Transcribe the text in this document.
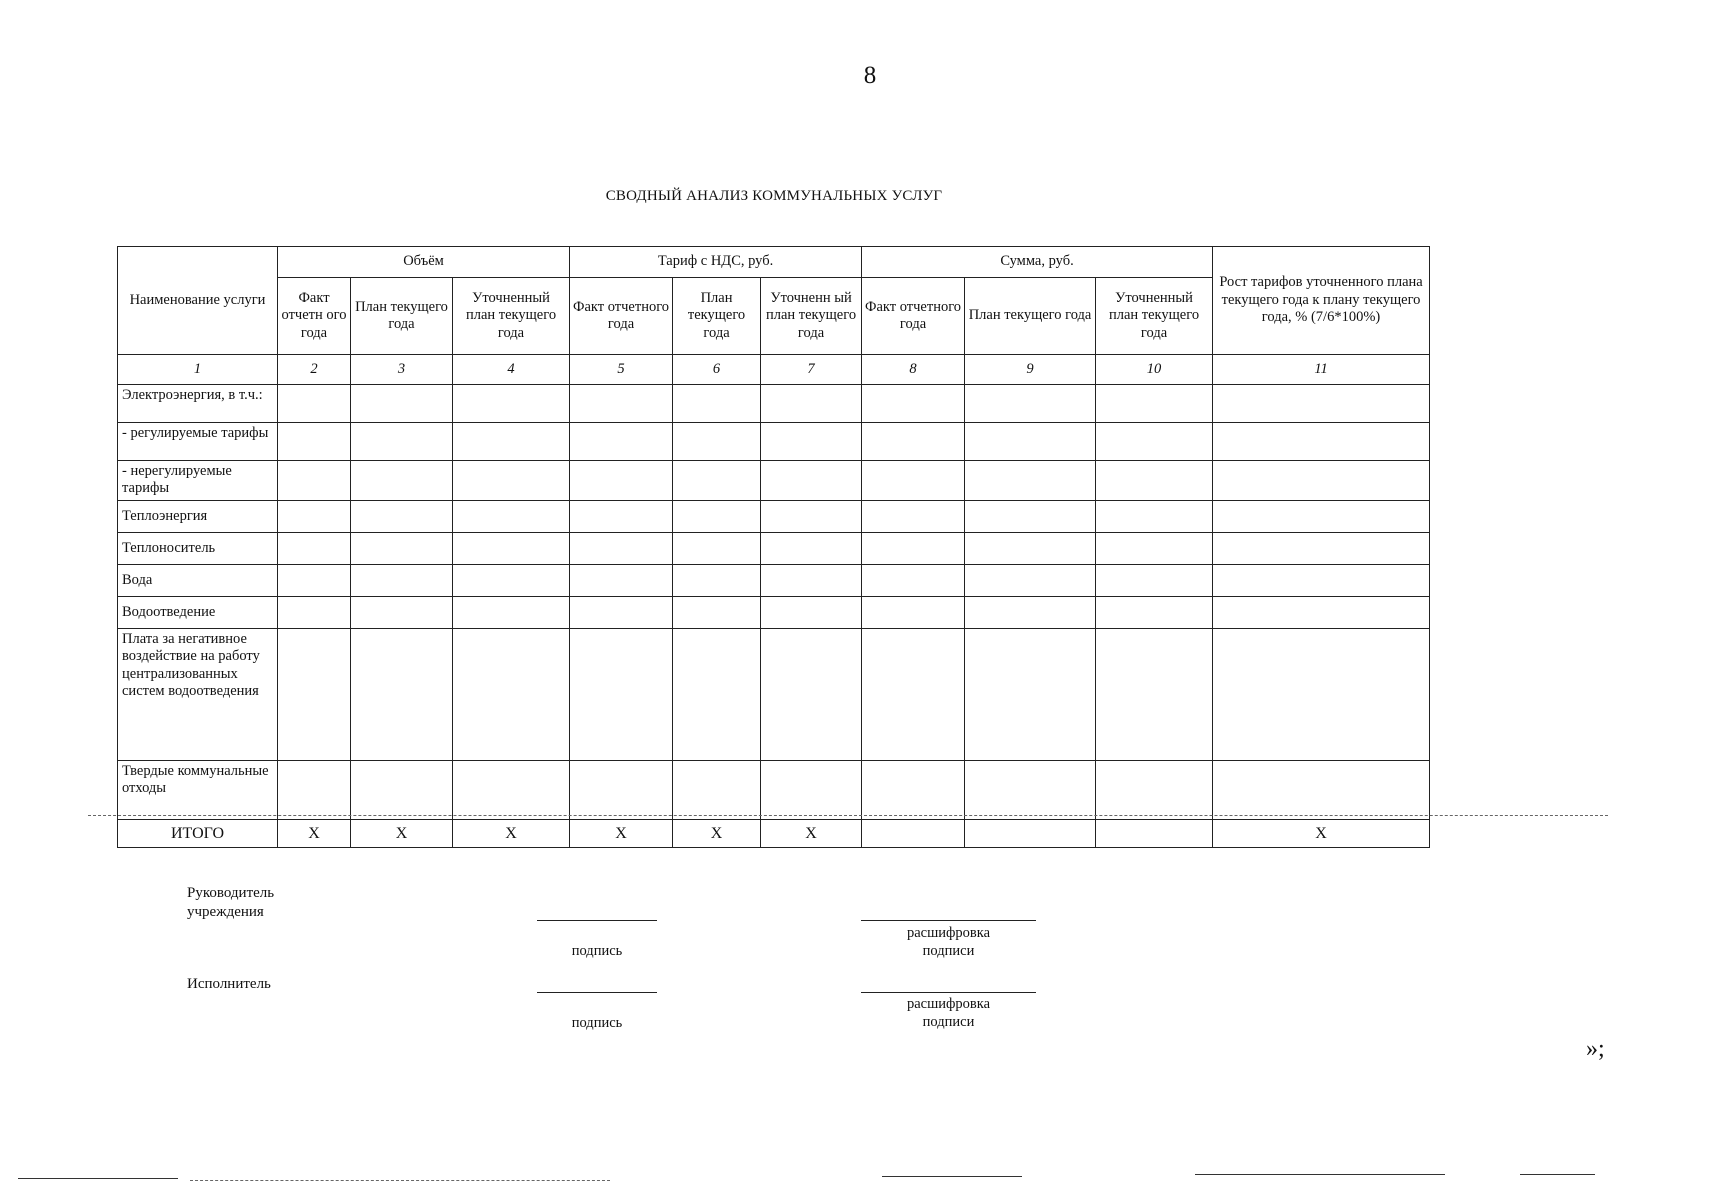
8
СВОДНЫЙ АНАЛИЗ КОММУНАЛЬНЫХ УСЛУГ
Наименование услуги	Объём			Тариф с НДС, руб.			Сумма, руб.			Рост тарифов уточненного плана текущего года к плану текущего года, % (7/6*100%)
	Факт отчетн ого года	План текущего года	Уточненный план текущего года	Факт отчетного года	План текущего года	Уточненн ый план текущего года	Факт отчетного года	План текущего года	Уточненный план текущего года	
1	2	3	4	5	6	7	8	9	10	11
Электроэнергия, в т.ч.:										
- регулируемые тарифы										
- нерегулируемые тарифы										
Теплоэнергия										
Теплоноситель										
Вода										
Водоотведение										
Плата за негативное воздействие на работу централизованных систем водоотведения										
Твердые коммунальные отходы										
ИТОГО	X	X	X	X	X	X				X
Руководитель учреждения
подпись
расшифровка подписи
Исполнитель
подпись
расшифровка подписи
»;
